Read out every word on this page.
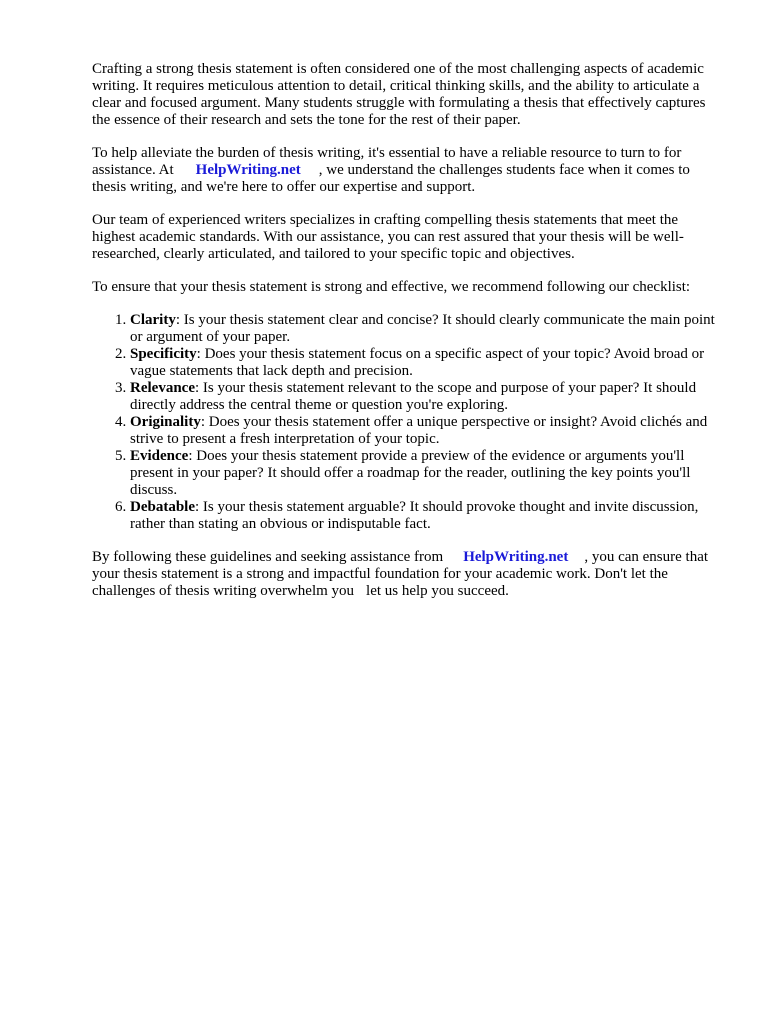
Crafting a strong thesis statement is often considered one of the most challenging aspects of academic writing. It requires meticulous attention to detail, critical thinking skills, and the ability to articulate a clear and focused argument. Many students struggle with formulating a thesis that effectively captures the essence of their research and sets the tone for the rest of their paper.

To help alleviate the burden of thesis writing, it's essential to have a reliable resource to turn to for assistance. At HelpWriting.net , we understand the challenges students face when it comes to thesis writing, and we're here to offer our expertise and support.

Our team of experienced writers specializes in crafting compelling thesis statements that meet the highest academic standards. With our assistance, you can rest assured that your thesis will be well-researched, clearly articulated, and tailored to your specific topic and objectives.

To ensure that your thesis statement is strong and effective, we recommend following our checklist:

1. Clarity: Is your thesis statement clear and concise? It should clearly communicate the main point or argument of your paper.
2. Specificity: Does your thesis statement focus on a specific aspect of your topic? Avoid broad or vague statements that lack depth and precision.
3. Relevance: Is your thesis statement relevant to the scope and purpose of your paper? It should directly address the central theme or question you're exploring.
4. Originality: Does your thesis statement offer a unique perspective or insight? Avoid clichés and strive to present a fresh interpretation of your topic.
5. Evidence: Does your thesis statement provide a preview of the evidence or arguments you'll present in your paper? It should offer a roadmap for the reader, outlining the key points you'll discuss.
6. Debatable: Is your thesis statement arguable? It should provoke thought and invite discussion, rather than stating an obvious or indisputable fact.

By following these guidelines and seeking assistance from HelpWriting.net , you can ensure that your thesis statement is a strong and impactful foundation for your academic work. Don't let the challenges of thesis writing overwhelm you let us help you succeed.
